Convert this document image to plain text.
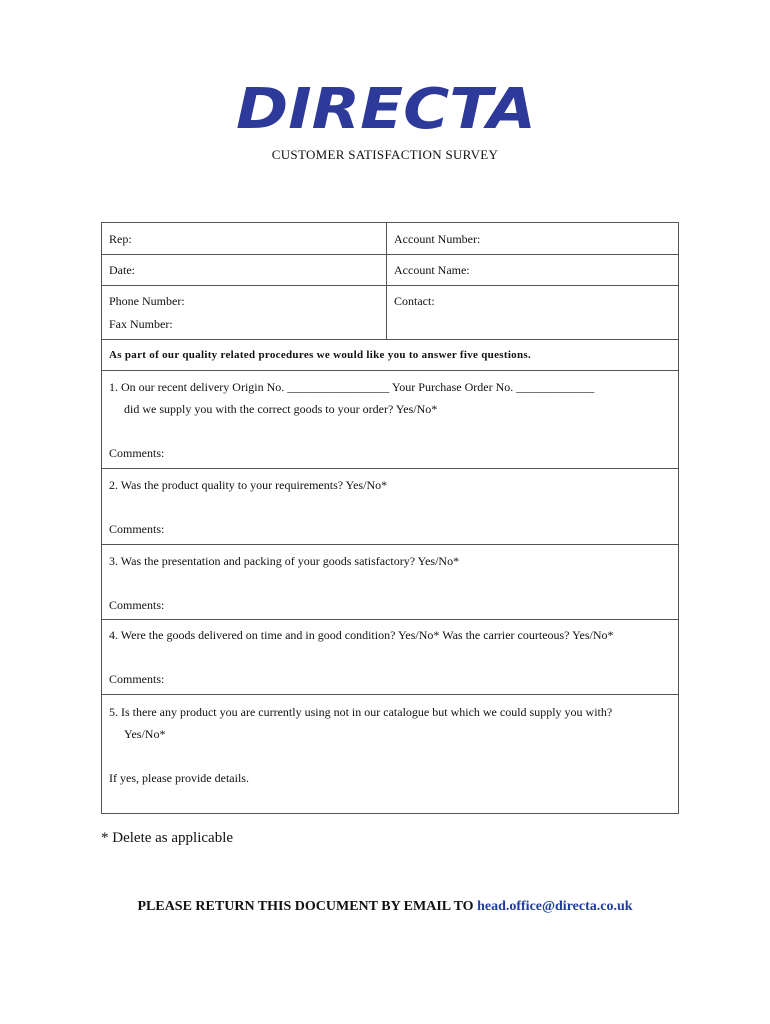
DIRECTA
CUSTOMER SATISFACTION SURVEY
Rep:	Account Number:
Date:	Account Name:
Phone Number:
Fax Number:
Contact:
As part of our quality related procedures we would like you to answer five questions.
1. On our recent delivery Origin No. _________________ Your Purchase Order No. _____________
did we supply you with the correct goods to your order? Yes/No*
Comments:
2. Was the product quality to your requirements? Yes/No*
Comments:
3. Was the presentation and packing of your goods satisfactory? Yes/No*
Comments:
4. Were the goods delivered on time and in good condition? Yes/No* Was the carrier courteous? Yes/No*
Comments:
5. Is there any product you are currently using not in our catalogue but which we could supply you with?
Yes/No*
If yes, please provide details.
* Delete as applicable
PLEASE RETURN THIS DOCUMENT BY EMAIL TO head.office@directa.co.uk
